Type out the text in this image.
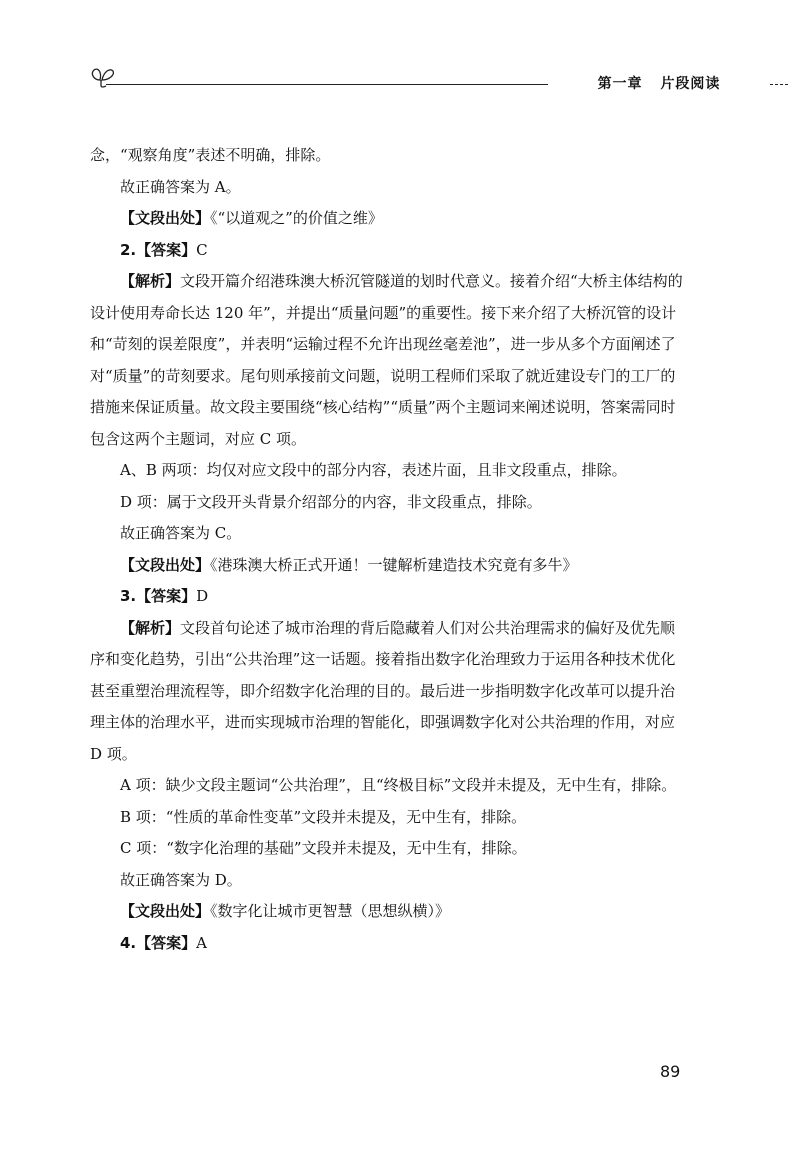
第一章 片段阅读

念，“观察角度”表述不明确，排除。

故正确答案为 A。

【文段出处】《“以道观之”的价值之维》

2.【答案】C

【解析】文段开篇介绍港珠澳大桥沉管隧道的划时代意义。接着介绍“大桥主体结构的设计使用寿命长达 120 年”，并提出“质量问题”的重要性。接下来介绍了大桥沉管的设计和“苛刻的误差限度”，并表明“运输过程不允许出现丝毫差池”，进一步从多个方面阐述了对“质量”的苛刻要求。尾句则承接前文问题，说明工程师们采取了就近建设专门的工厂的措施来保证质量。故文段主要围绕“核心结构”“质量”两个主题词来阐述说明，答案需同时包含这两个主题词，对应 C 项。

A、B 两项：均仅对应文段中的部分内容，表述片面，且非文段重点，排除。

D 项：属于文段开头背景介绍部分的内容，非文段重点，排除。

故正确答案为 C。

【文段出处】《港珠澳大桥正式开通！一键解析建造技术究竟有多牛》

3.【答案】D

【解析】文段首句论述了城市治理的背后隐藏着人们对公共治理需求的偏好及优先顺序和变化趋势，引出“公共治理”这一话题。接着指出数字化治理致力于运用各种技术优化甚至重塑治理流程等，即介绍数字化治理的目的。最后进一步指明数字化改革可以提升治理主体的治理水平，进而实现城市治理的智能化，即强调数字化对公共治理的作用，对应 D 项。

A 项：缺少文段主题词“公共治理”，且“终极目标”文段并未提及，无中生有，排除。

B 项：“性质的革命性变革”文段并未提及，无中生有，排除。

C 项：“数字化治理的基础”文段并未提及，无中生有，排除。

故正确答案为 D。

【文段出处】《数字化让城市更智慧（思想纵横）》

4.【答案】A

89
